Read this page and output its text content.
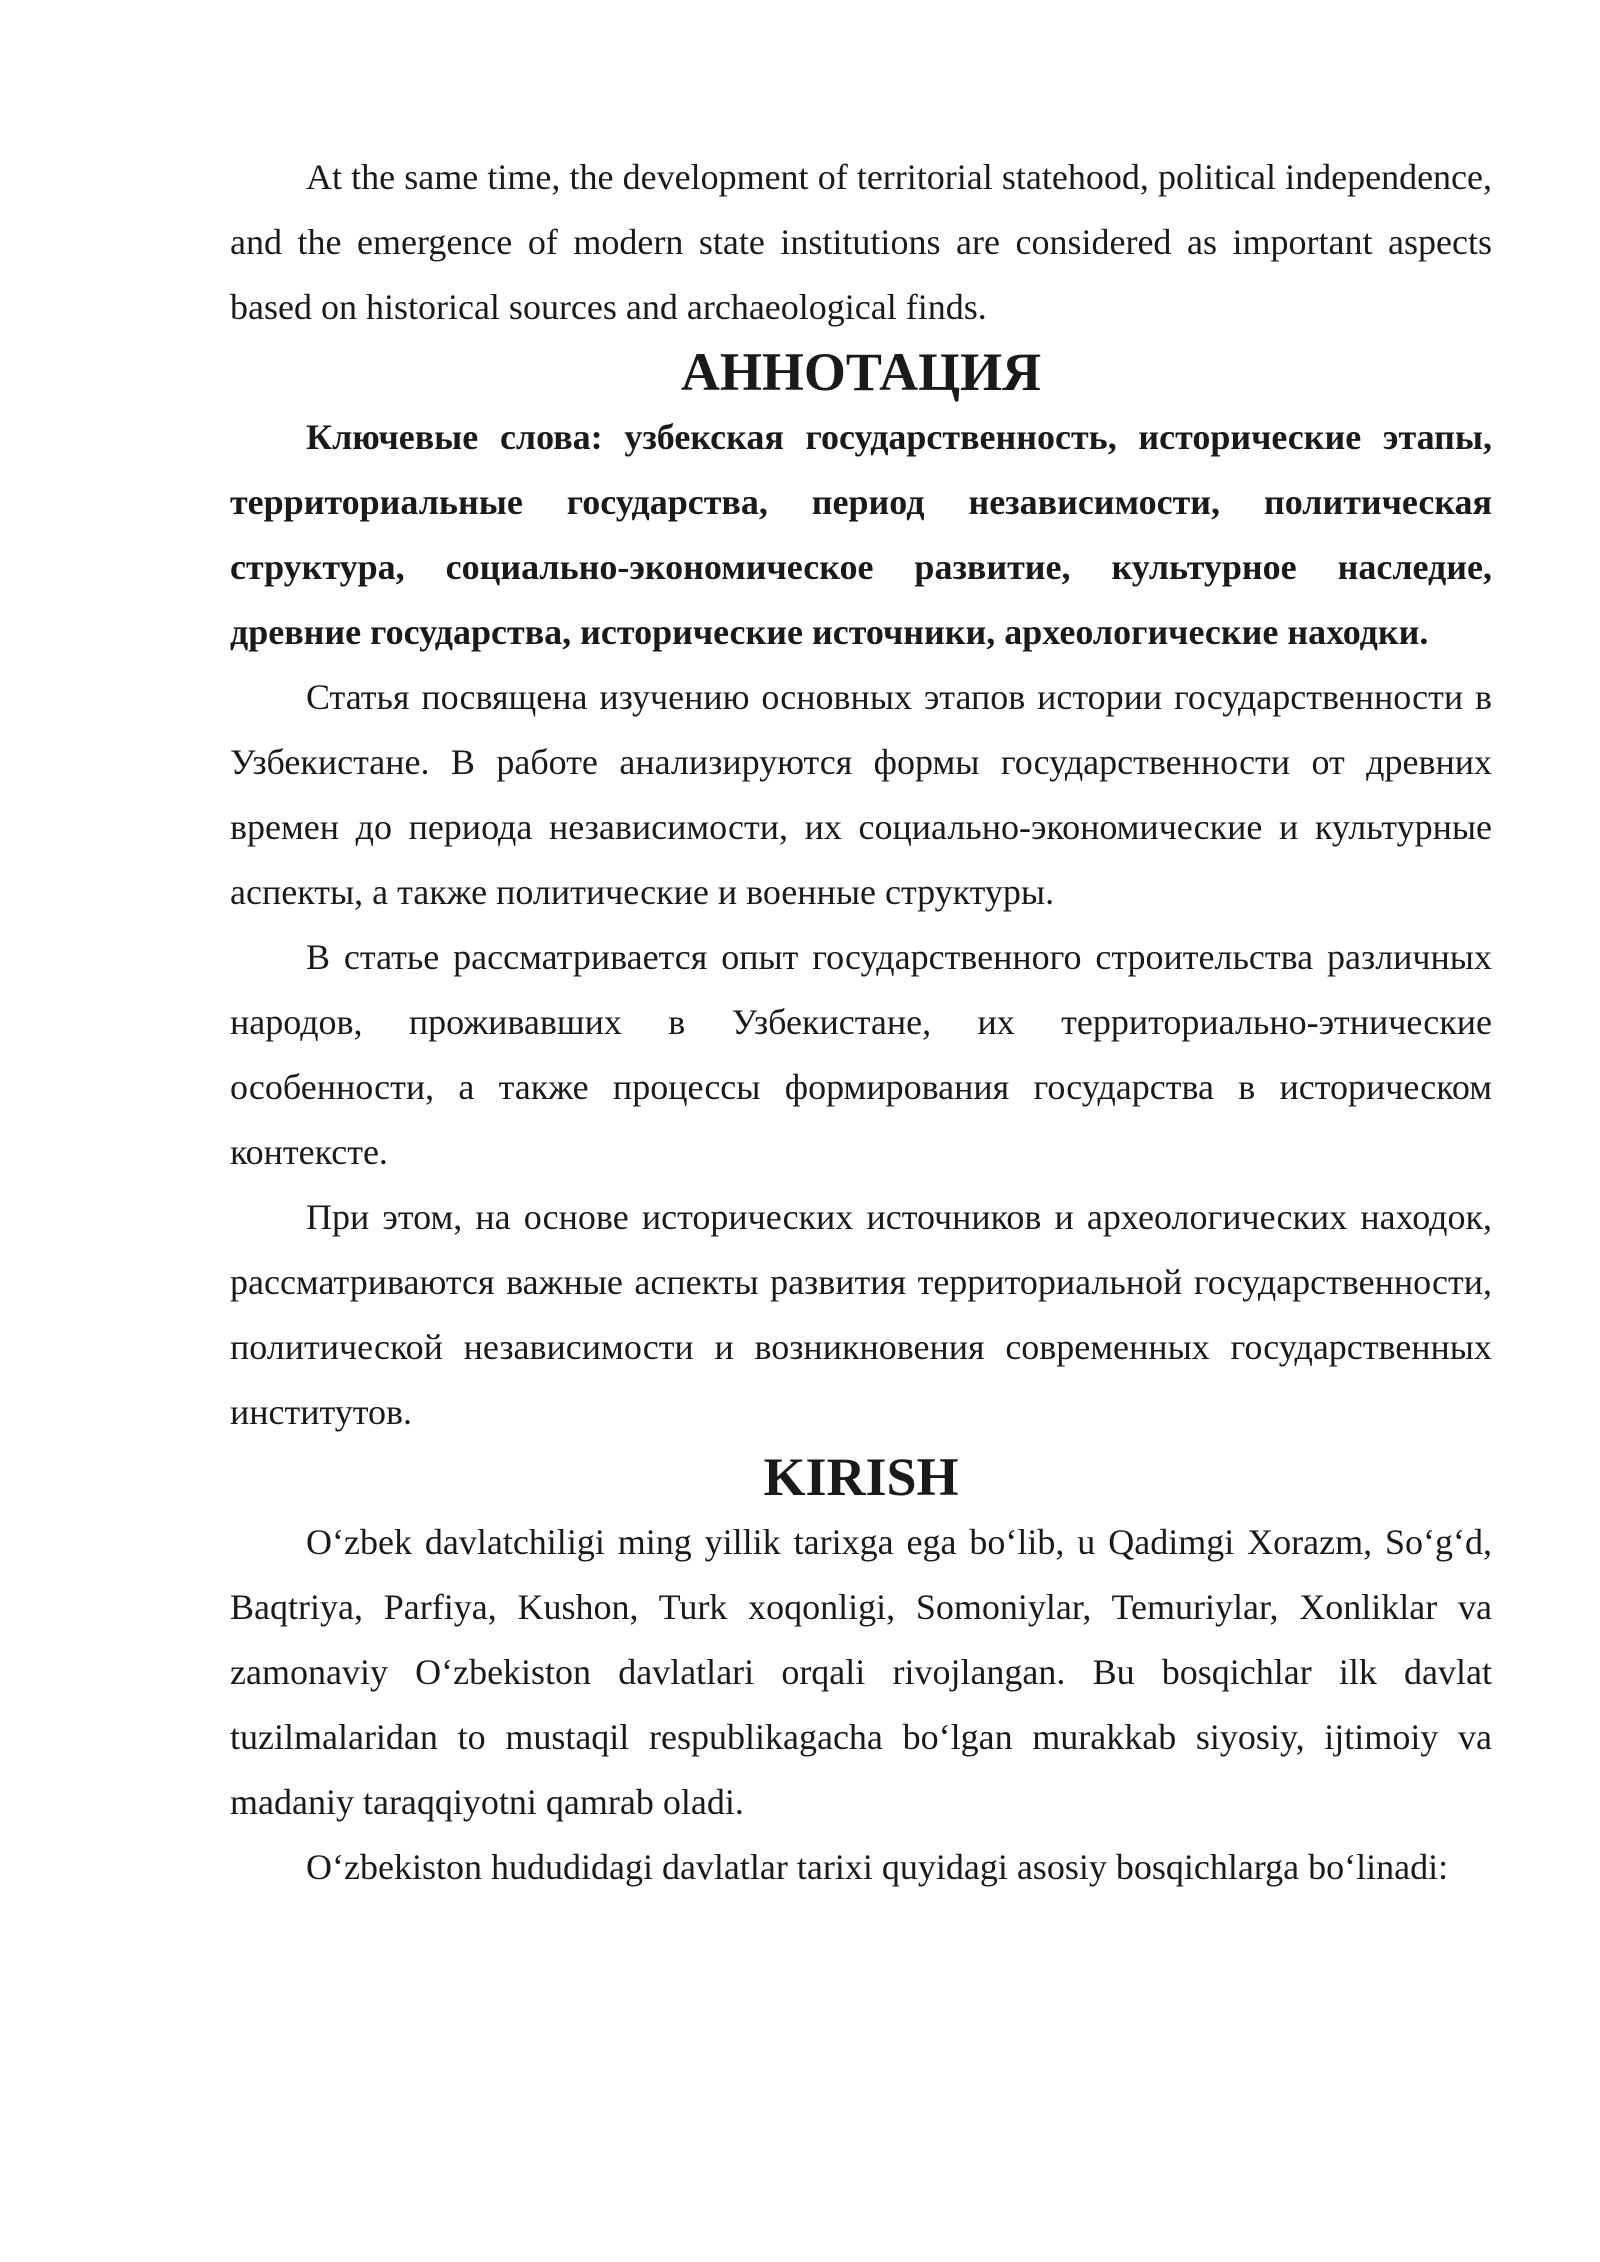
At the same time, the development of territorial statehood, political independence, and the emergence of modern state institutions are considered as important aspects based on historical sources and archaeological finds.

АННОТАЦИЯ

Ключевые слова: узбекская государственность, исторические этапы, территориальные государства, период независимости, политическая структура, социально-экономическое развитие, культурное наследие, древние государства, исторические источники, археологические находки.

Статья посвящена изучению основных этапов истории государственности в Узбекистане. В работе анализируются формы государственности от древних времен до периода независимости, их социально-экономические и культурные аспекты, а также политические и военные структуры.

В статье рассматривается опыт государственного строительства различных народов, проживавших в Узбекистане, их территориально-этнические особенности, а также процессы формирования государства в историческом контексте.

При этом, на основе исторических источников и археологических находок, рассматриваются важные аспекты развития территориальной государственности, политической независимости и возникновения современных государственных институтов.

KIRISH

O‘zbek davlatchiligi ming yillik tarixga ega bo‘lib, u Qadimgi Xorazm, So‘g‘d, Baqtriya, Parfiya, Kushon, Turk xoqonligi, Somoniylar, Temuriylar, Xonliklar va zamonaviy O‘zbekiston davlatlari orqali rivojlangan. Bu bosqichlar ilk davlat tuzilmalaridan to mustaqil respublikagacha bo‘lgan murakkab siyosiy, ijtimoiy va madaniy taraqqiyotni qamrab oladi.

O‘zbekiston hududidagi davlatlar tarixi quyidagi asosiy bosqichlarga bo‘linadi:
